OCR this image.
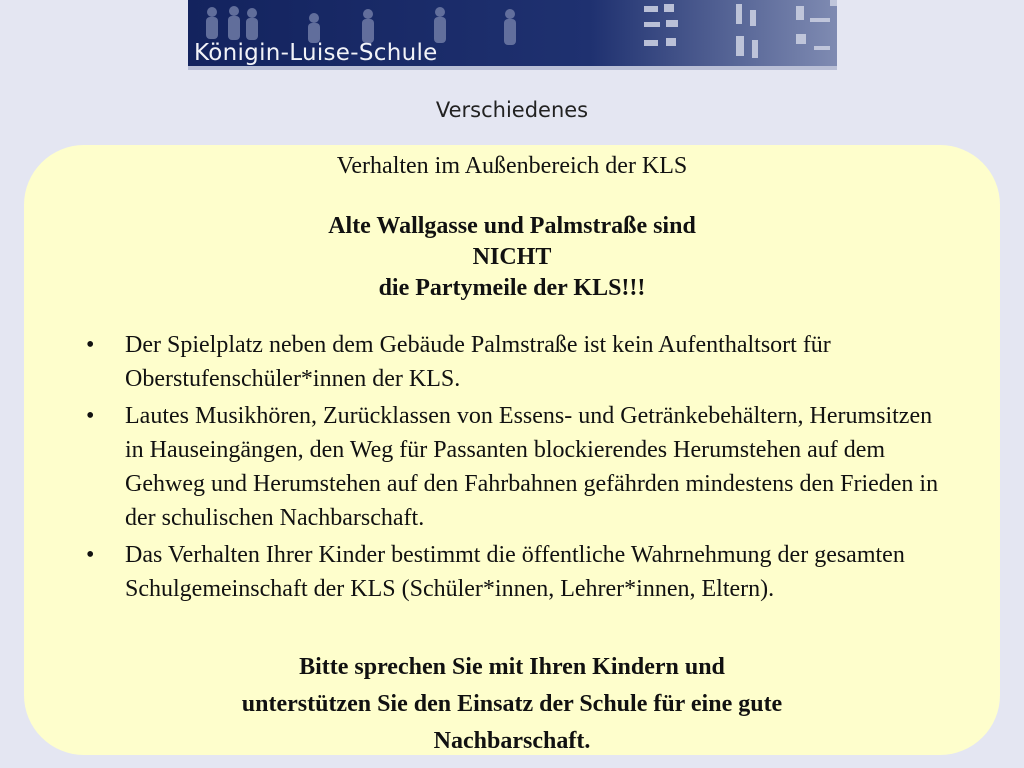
Königin-Luise-Schule
Verschiedenes
Verhalten im Außenbereich der KLS
Alte Wallgasse und Palmstraße sind
NICHT
die Partymeile der KLS!!!
• Der Spielplatz neben dem Gebäude Palmstraße ist kein Aufenthaltsort für Oberstufenschüler*innen der KLS.
• Lautes Musikhören, Zurücklassen von Essens- und Getränkebehältern, Herumsitzen in Hauseingängen, den Weg für Passanten blockierendes Herumstehen auf dem Gehweg und Herumstehen auf den Fahrbahnen gefährden mindestens den Frieden in der schulischen Nachbarschaft.
• Das Verhalten Ihrer Kinder bestimmt die öffentliche Wahrnehmung der gesamten Schulgemeinschaft der KLS (Schüler*innen, Lehrer*innen, Eltern).
Bitte sprechen Sie mit Ihren Kindern und
unterstützen Sie den Einsatz der Schule für eine gute
Nachbarschaft.
